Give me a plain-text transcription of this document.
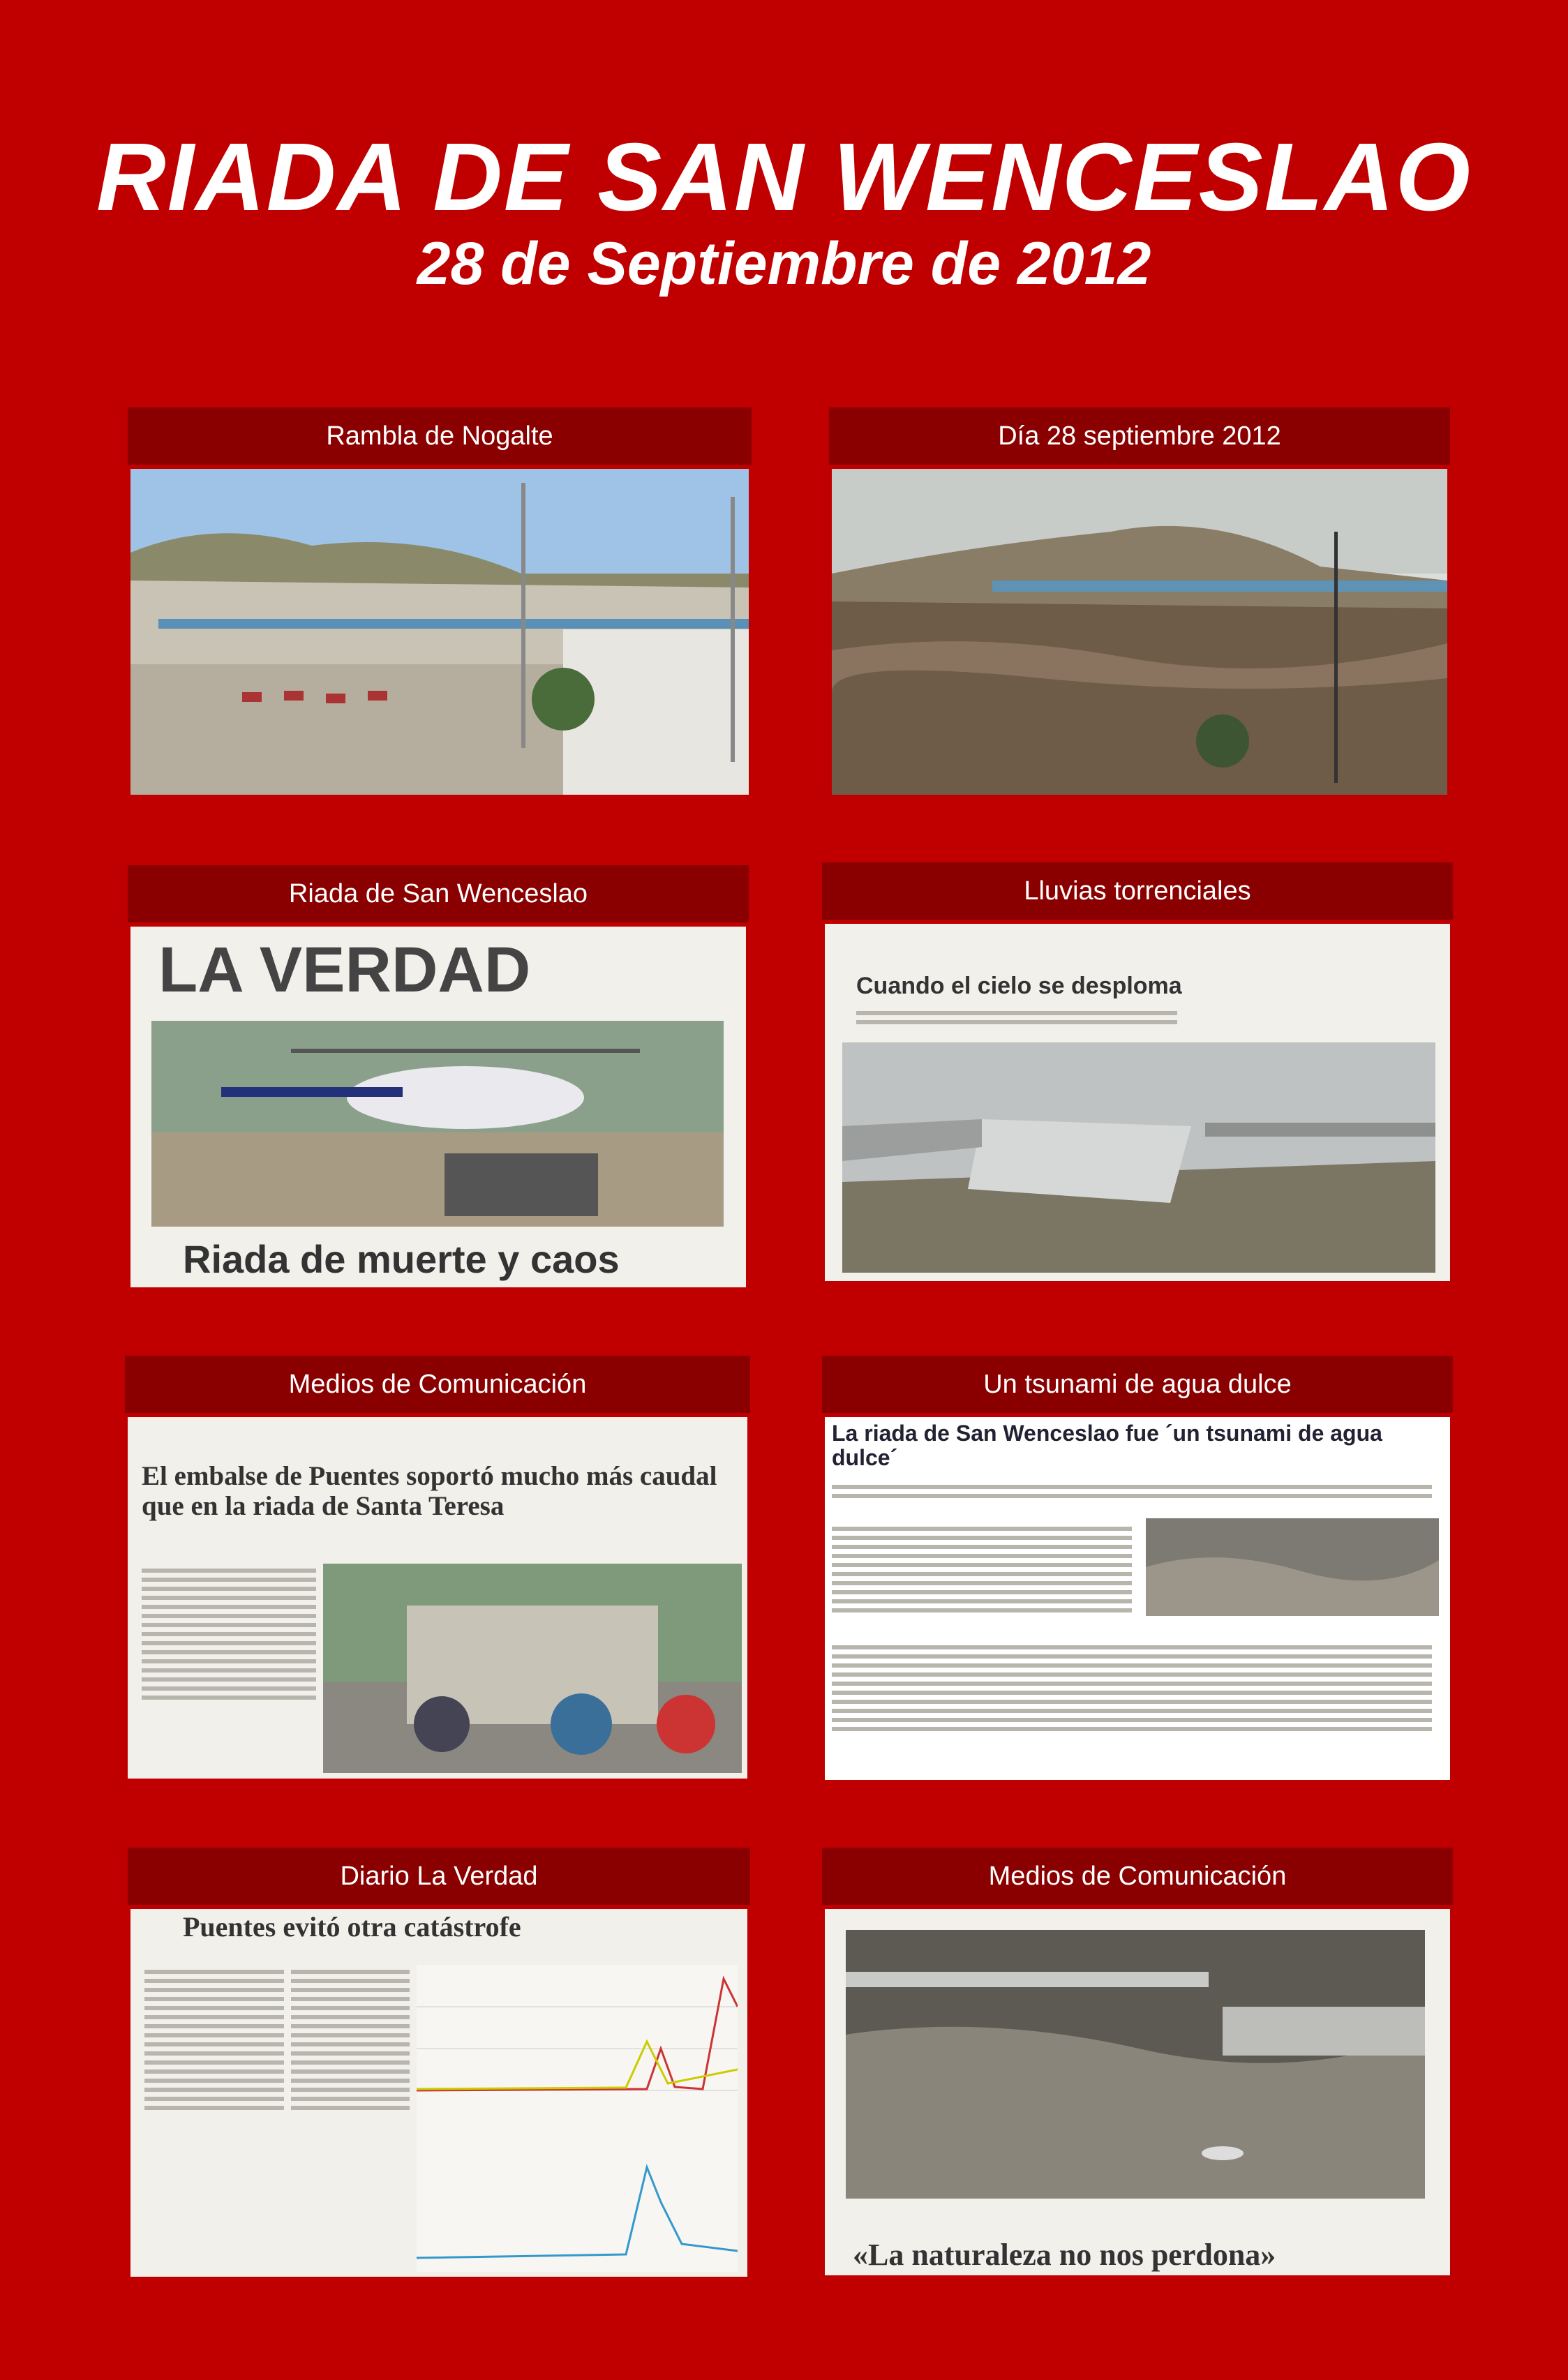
RIADA DE SAN WENCESLAO
28 de Septiembre de 2012
Rambla de Nogalte	Día 28 septiembre 2012
Riada de San Wenceslao
LA VERDAD
Riada de muerte y caos
Lluvias torrenciales
Cuando el cielo se desploma
Medios de Comunicación
El embalse de Puentes soportó mucho más caudal que en la riada de Santa Teresa
Un tsunami de agua dulce
La riada de San Wenceslao fue ´un tsunami de agua dulce´
Diario La Verdad
Puentes evitó otra catástrofe
Medios de Comunicación
«La naturaleza no nos perdona»
